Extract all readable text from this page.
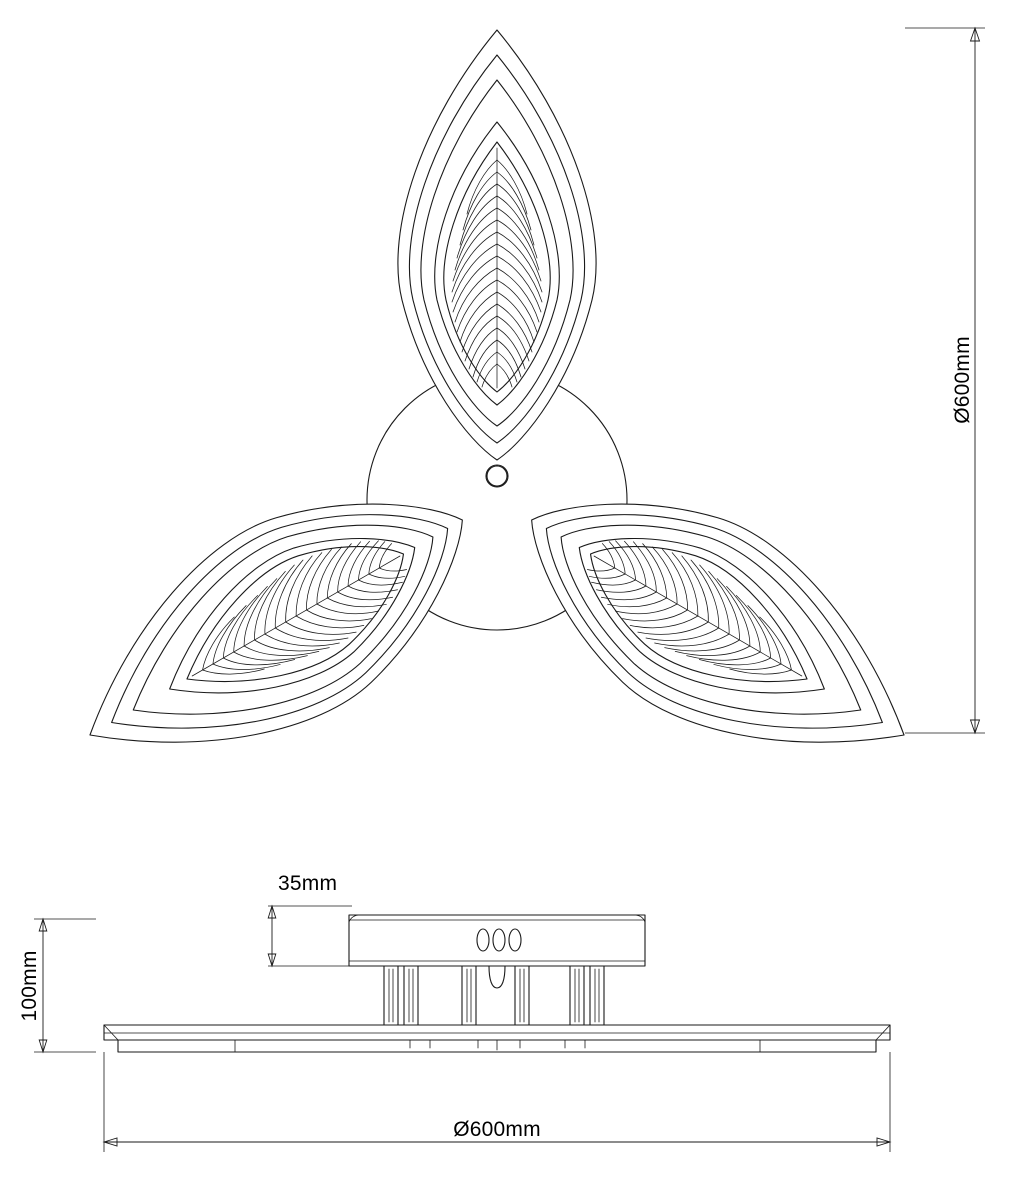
Ø600mm
35mm
100mm
Ø600mm
